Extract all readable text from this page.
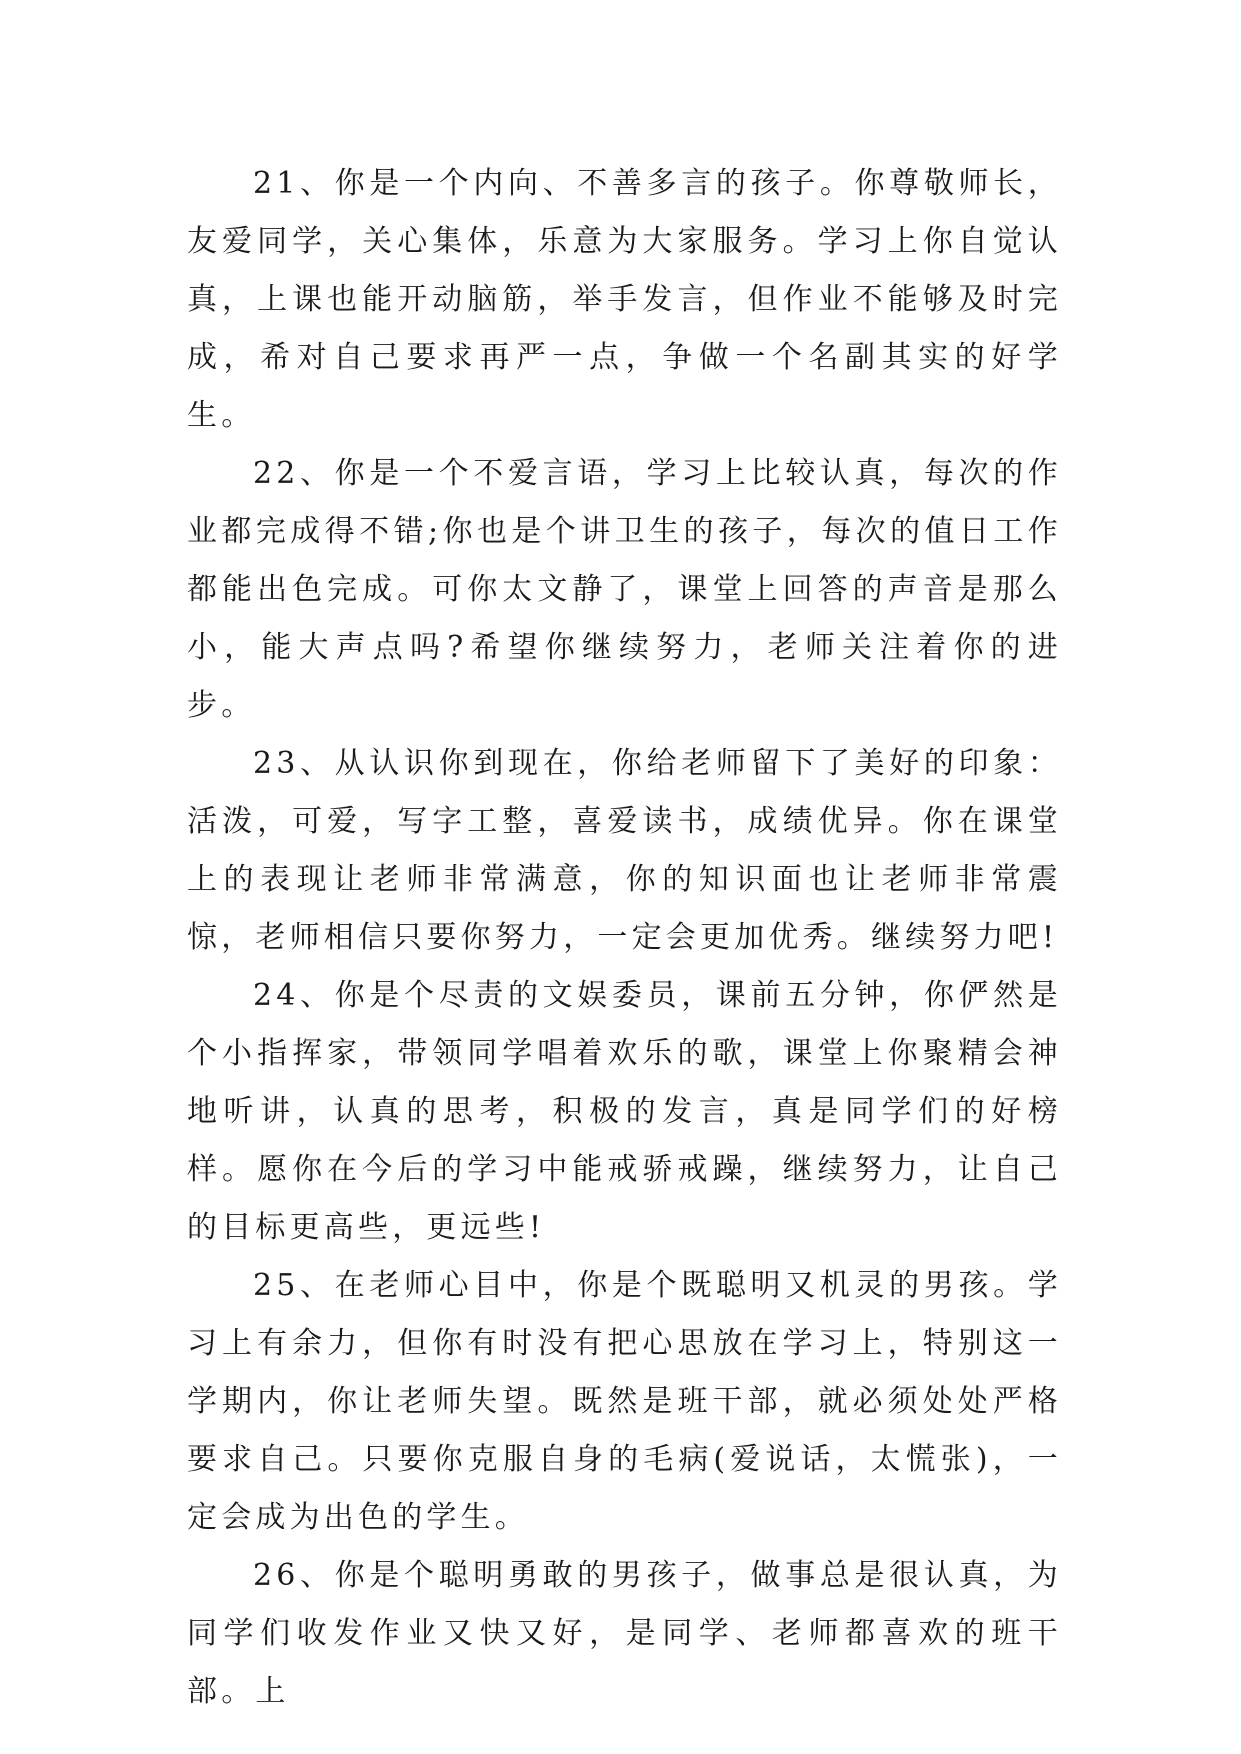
21、你是一个内向、不善多言的孩子。你尊敬师长，友爱同学，关心集体，乐意为大家服务。学习上你自觉认真，上课也能开动脑筋，举手发言，但作业不能够及时完成，希对自己要求再严一点，争做一个名副其实的好学生。

22、你是一个不爱言语，学习上比较认真，每次的作业都完成得不错;你也是个讲卫生的孩子，每次的值日工作都能出色完成。可你太文静了，课堂上回答的声音是那么小，能大声点吗?希望你继续努力，老师关注着你的进步。

23、从认识你到现在，你给老师留下了美好的印象：活泼，可爱，写字工整，喜爱读书，成绩优异。你在课堂上的表现让老师非常满意，你的知识面也让老师非常震惊，老师相信只要你努力，一定会更加优秀。继续努力吧!

24、你是个尽责的文娱委员，课前五分钟，你俨然是个小指挥家，带领同学唱着欢乐的歌，课堂上你聚精会神地听讲，认真的思考，积极的发言，真是同学们的好榜样。愿你在今后的学习中能戒骄戒躁，继续努力，让自己的目标更高些，更远些!

25、在老师心目中，你是个既聪明又机灵的男孩。学习上有余力，但你有时没有把心思放在学习上，特别这一学期内，你让老师失望。既然是班干部，就必须处处严格要求自己。只要你克服自身的毛病(爱说话，太慌张)，一定会成为出色的学生。

26、你是个聪明勇敢的男孩子，做事总是很认真，为同学们收发作业又快又好，是同学、老师都喜欢的班干部。上
